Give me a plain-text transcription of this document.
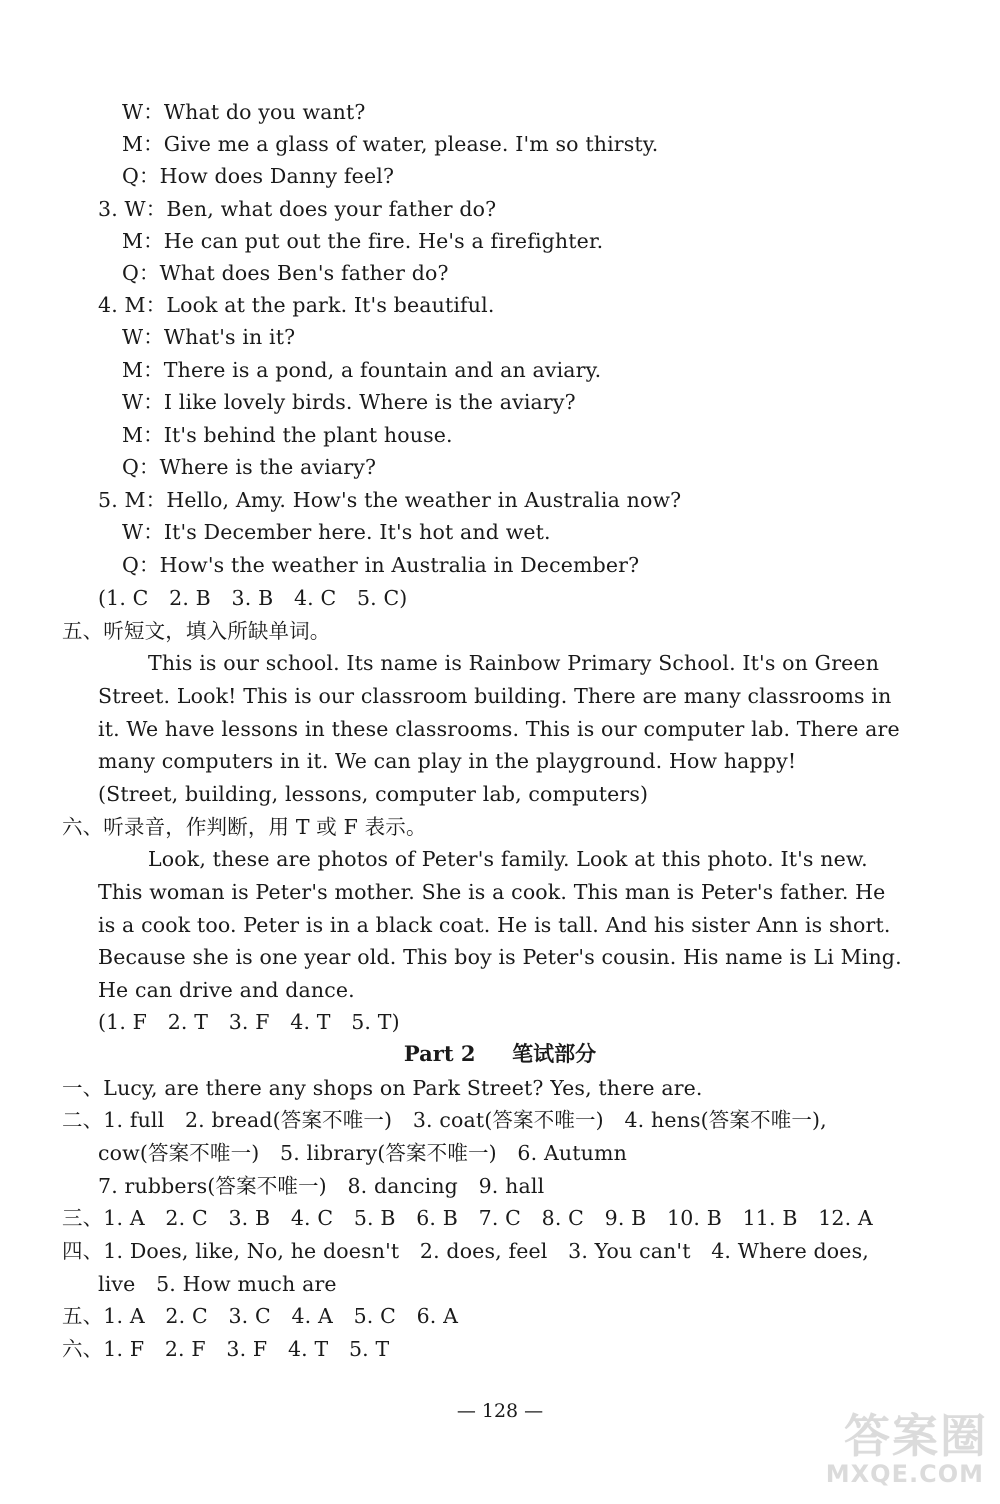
W：What do you want?
M：Give me a glass of water, please. I'm so thirsty.
Q：How does Danny feel?
3. W：Ben, what does your father do?
M：He can put out the fire. He's a firefighter.
Q：What does Ben's father do?
4. M：Look at the park. It's beautiful.
W：What's in it?
M：There is a pond, a fountain and an aviary.
W：I like lovely birds. Where is the aviary?
M：It's behind the plant house.
Q：Where is the aviary?
5. M：Hello, Amy. How's the weather in Australia now?
W：It's December here. It's hot and wet.
Q：How's the weather in Australia in December?
(1. C　2. B　3. B　4. C　5. C)
五、听短文，填入所缺单词。
This is our school. Its name is Rainbow Primary School. It's on Green
Street. Look! This is our classroom building. There are many classrooms in
it. We have lessons in these classrooms. This is our computer lab. There are
many computers in it. We can play in the playground. How happy!
(Street, building, lessons, computer lab, computers)
六、听录音，作判断，用 T 或 F 表示。
Look, these are photos of Peter's family. Look at this photo. It's new.
This woman is Peter's mother. She is a cook. This man is Peter's father. He
is a cook too. Peter is in a black coat. He is tall. And his sister Ann is short.
Because she is one year old. This boy is Peter's cousin. His name is Li Ming.
He can drive and dance.
(1. F　2. T　3. F　4. T　5. T)
Part 2 笔试部分
一、Lucy, are there any shops on Park Street? Yes, there are.
二、1. full　2. bread(答案不唯一)　3. coat(答案不唯一)　4. hens(答案不唯一),
cow(答案不唯一)　5. library(答案不唯一)　6. Autumn
7. rubbers(答案不唯一)　8. dancing　9. hall
三、1. A　2. C　3. B　4. C　5. B　6. B　7. C　8. C　9. B　10. B　11. B　12. A
四、1. Does, like, No, he doesn't　2. does, feel　3. You can't　4. Where does,
live　5. How much are
五、1. A　2. C　3. C　4. A　5. C　6. A
六、1. F　2. F　3. F　4. T　5. T
— 128 —	答案圈
MXQE.COM
